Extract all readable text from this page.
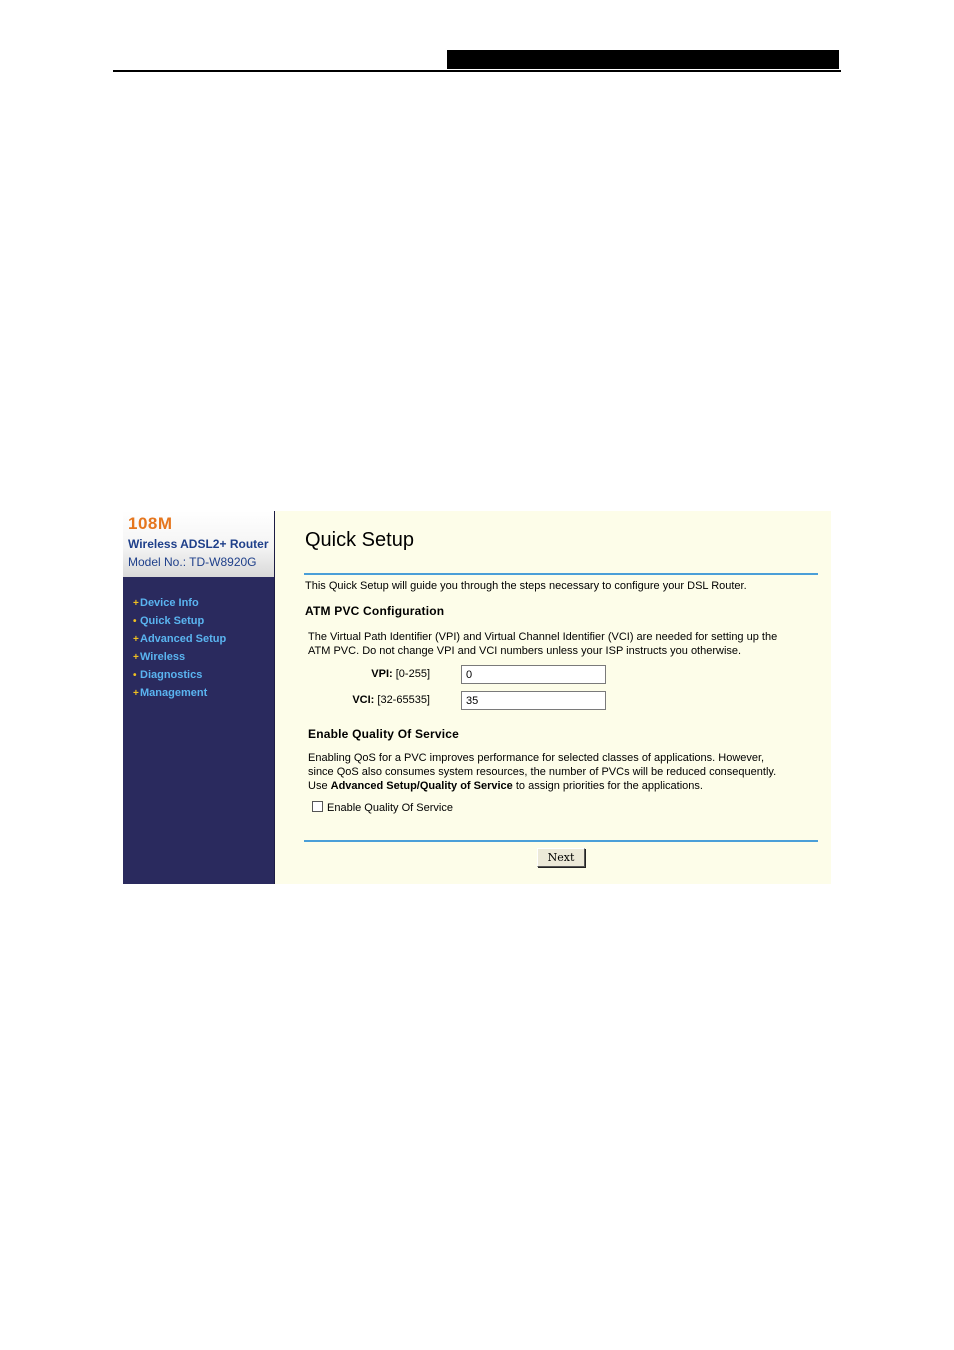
108M
Wireless ADSL2+ Router
Model No.: TD-W8920G
+Device Info
• Quick Setup
+Advanced Setup
+Wireless
• Diagnostics
+Management
Quick Setup
This Quick Setup will guide you through the steps necessary to configure your DSL Router.
ATM PVC Configuration
The Virtual Path Identifier (VPI) and Virtual Channel Identifier (VCI) are needed for setting up the
ATM PVC. Do not change VPI and VCI numbers unless your ISP instructs you otherwise.
VPI: [0-255]
0
VCI: [32-65535]
35
Enable Quality Of Service
Enabling QoS for a PVC improves performance for selected classes of applications. However,
since QoS also consumes system resources, the number of PVCs will be reduced consequently.
Use Advanced Setup/Quality of Service to assign priorities for the applications.
Enable Quality Of Service
Next
